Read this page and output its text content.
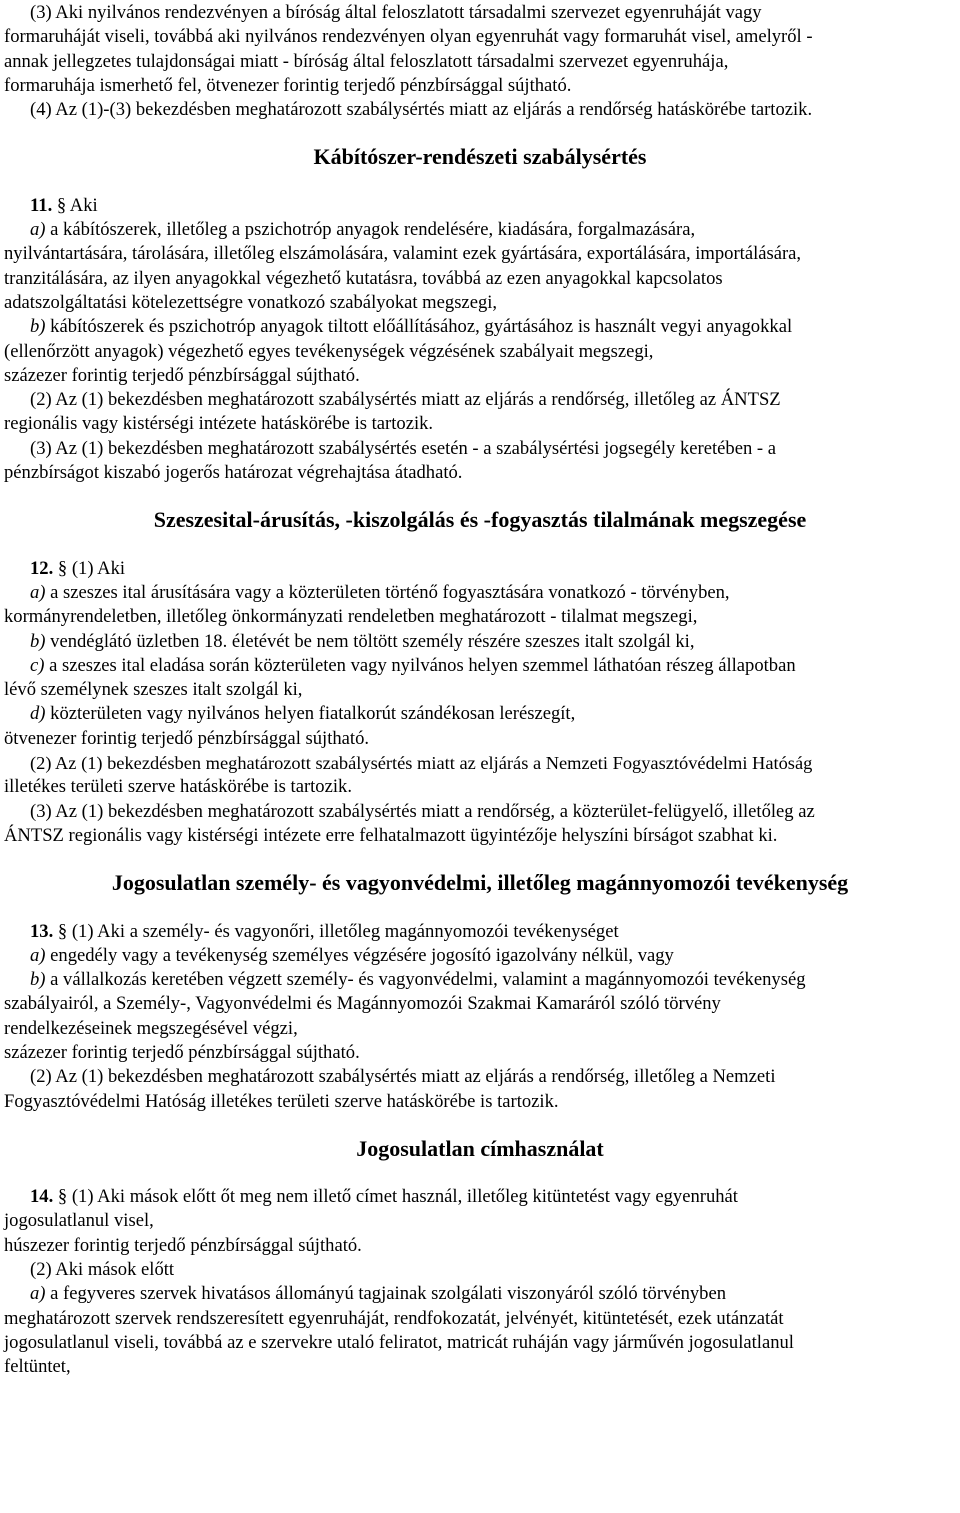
(3) Aki nyilvános rendezvényen a bíróság által feloszlatott társadalmi szervezet egyenruháját vagy
formaruháját viseli, továbbá aki nyilvános rendezvényen olyan egyenruhát vagy formaruhát visel, amelyről -
annak jellegzetes tulajdonságai miatt - bíróság által feloszlatott társadalmi szervezet egyenruhája,
formaruhája ismerhető fel, ötvenezer forintig terjedő pénzbírsággal sújtható.

(4) Az (1)-(3) bekezdésben meghatározott szabálysértés miatt az eljárás a rendőrség hatáskörébe tartozik.

Kábítószer-rendészeti szabálysértés

11. § Aki

a) a kábítószerek, illetőleg a pszichotróp anyagok rendelésére, kiadására, forgalmazására,
nyilvántartására, tárolására, illetőleg elszámolására, valamint ezek gyártására, exportálására, importálására,
tranzitálására, az ilyen anyagokkal végezhető kutatásra, továbbá az ezen anyagokkal kapcsolatos
adatszolgáltatási kötelezettségre vonatkozó szabályokat megszegi,

b) kábítószerek és pszichotróp anyagok tiltott előállításához, gyártásához is használt vegyi anyagokkal
(ellenőrzött anyagok) végezhető egyes tevékenységek végzésének szabályait megszegi,

százezer forintig terjedő pénzbírsággal sújtható.

(2) Az (1) bekezdésben meghatározott szabálysértés miatt az eljárás a rendőrség, illetőleg az ÁNTSZ
regionális vagy kistérségi intézete hatáskörébe is tartozik.

(3) Az (1) bekezdésben meghatározott szabálysértés esetén - a szabálysértési jogsegély keretében - a
pénzbírságot kiszabó jogerős határozat végrehajtása átadható.

Szeszesital-árusítás, -kiszolgálás és -fogyasztás tilalmának megszegése

12. § (1) Aki

a) a szeszes ital árusítására vagy a közterületen történő fogyasztására vonatkozó - törvényben,
kormányrendeletben, illetőleg önkormányzati rendeletben meghatározott - tilalmat megszegi,

b) vendéglátó üzletben 18. életévét be nem töltött személy részére szeszes italt szolgál ki,

c) a szeszes ital eladása során közterületen vagy nyilvános helyen szemmel láthatóan részeg állapotban
lévő személynek szeszes italt szolgál ki,

d) közterületen vagy nyilvános helyen fiatalkorút szándékosan lerészegít,

ötvenezer forintig terjedő pénzbírsággal sújtható.

(2) Az (1) bekezdésben meghatározott szabálysértés miatt az eljárás a Nemzeti Fogyasztóvédelmi Hatóság
illetékes területi szerve hatáskörébe is tartozik.

(3) Az (1) bekezdésben meghatározott szabálysértés miatt a rendőrség, a közterület-felügyelő, illetőleg az
ÁNTSZ regionális vagy kistérségi intézete erre felhatalmazott ügyintézője helyszíni bírságot szabhat ki.

Jogosulatlan személy- és vagyonvédelmi, illetőleg magánnyomozói tevékenység

13. § (1) Aki a személy- és vagyonőri, illetőleg magánnyomozói tevékenységet

a) engedély vagy a tevékenység személyes végzésére jogosító igazolvány nélkül, vagy

b) a vállalkozás keretében végzett személy- és vagyonvédelmi, valamint a magánnyomozói tevékenység
szabályairól, a Személy-, Vagyonvédelmi és Magánnyomozói Szakmai Kamaráról szóló törvény
rendelkezéseinek megszegésével végzi,

százezer forintig terjedő pénzbírsággal sújtható.

(2) Az (1) bekezdésben meghatározott szabálysértés miatt az eljárás a rendőrség, illetőleg a Nemzeti
Fogyasztóvédelmi Hatóság illetékes területi szerve hatáskörébe is tartozik.

Jogosulatlan címhasználat

14. § (1) Aki mások előtt őt meg nem illető címet használ, illetőleg kitüntetést vagy egyenruhát

jogosulatlanul visel,

húszezer forintig terjedő pénzbírsággal sújtható.

(2) Aki mások előtt

a) a fegyveres szervek hivatásos állományú tagjainak szolgálati viszonyáról szóló törvényben
meghatározott szervek rendszeresített egyenruháját, rendfokozatát, jelvényét, kitüntetését, ezek utánzatát
jogosulatlanul viseli, továbbá az e szervekre utaló feliratot, matricát ruháján vagy járművén jogosulatlanul
feltüntet,
